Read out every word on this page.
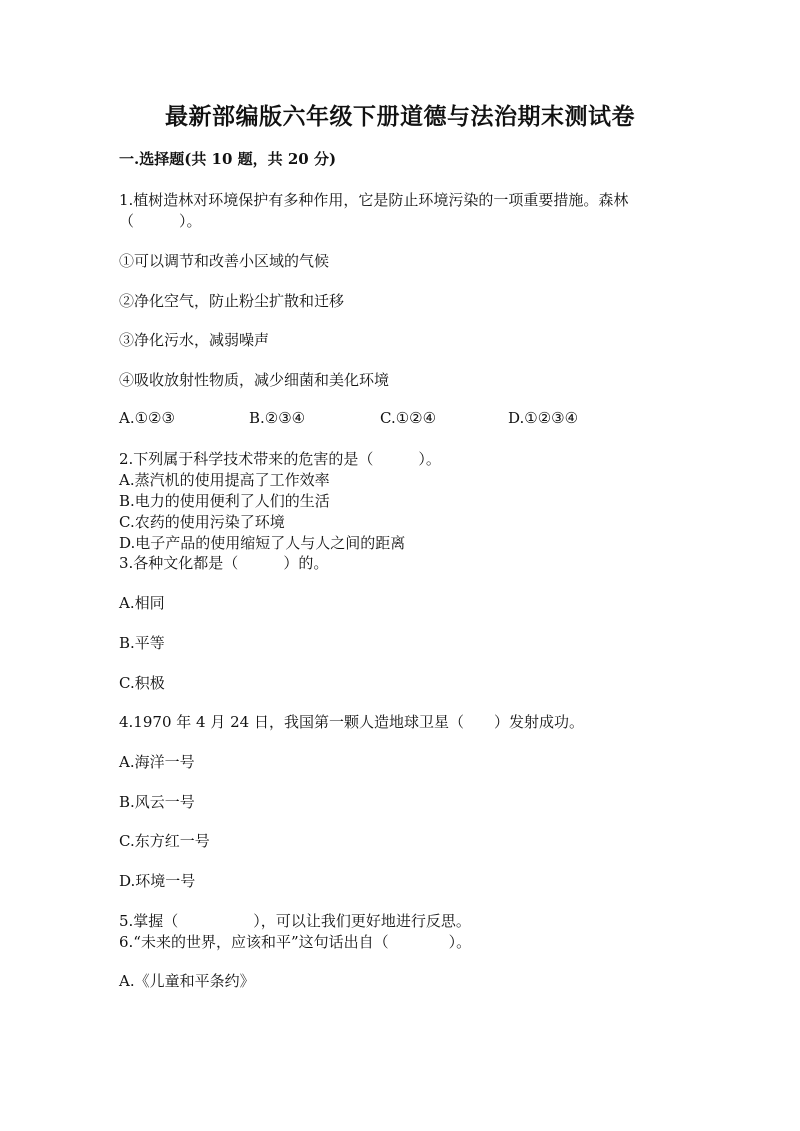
最新部编版六年级下册道德与法治期末测试卷
一.选择题(共 10 题，共 20 分)
1.植树造林对环境保护有多种作用，它是防止环境污染的一项重要措施。森林
（　　　）。
①可以调节和改善小区域的气候
②净化空气，防止粉尘扩散和迁移
③净化污水，减弱噪声
④吸收放射性物质，减少细菌和美化环境
A.①②③	B.②③④	C.①②④	D.①②③④
2.下列属于科学技术带来的危害的是（　　　）。
A.蒸汽机的使用提高了工作效率
B.电力的使用便利了人们的生活
C.农药的使用污染了环境
D.电子产品的使用缩短了人与人之间的距离
3.各种文化都是（　　　）的。
A.相同
B.平等
C.积极
4.1970 年 4 月 24 日，我国第一颗人造地球卫星（　　）发射成功。
A.海洋一号
B.风云一号
C.东方红一号
D.环境一号
5.掌握（　　　　　），可以让我们更好地进行反思。
6.“未来的世界，应该和平”这句话出自（　　　　）。
A.《儿童和平条约》
